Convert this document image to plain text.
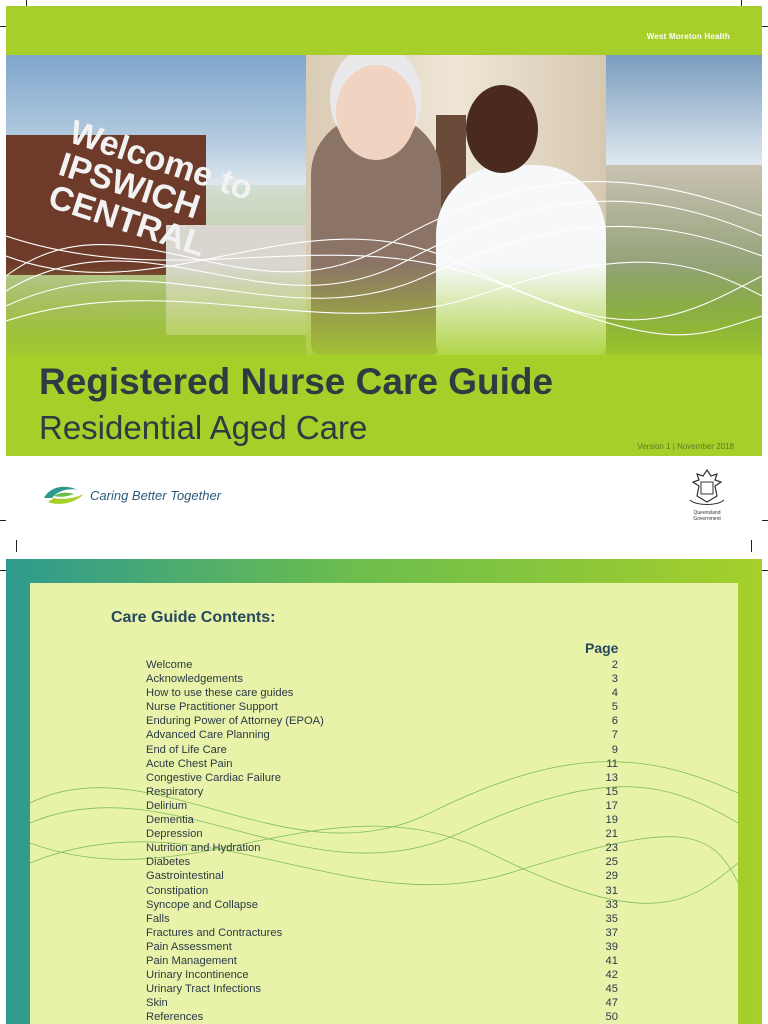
West Moreton Health
Welcome to IPSWICH CENTRAL
Registered Nurse Care Guide
Residential Aged Care
Version 1 | November 2018
Caring Better Together
Queensland Government
Care Guide Contents:
Page
Welcome	2
Acknowledgements	3
How to use these care guides	4
Nurse Practitioner Support	5
Enduring Power of Attorney (EPOA)	6
Advanced Care Planning	7
End of Life Care	9
Acute Chest Pain	11
Congestive Cardiac Failure	13
Respiratory	15
Delirium	17
Dementia	19
Depression	21
Nutrition and Hydration	23
Diabetes	25
Gastrointestinal	29
Constipation	31
Syncope and Collapse	33
Falls	35
Fractures and Contractures	37
Pain Assessment	39
Pain Management	41
Urinary Incontinence	42
Urinary Tract Infections	45
Skin	47
References	50
